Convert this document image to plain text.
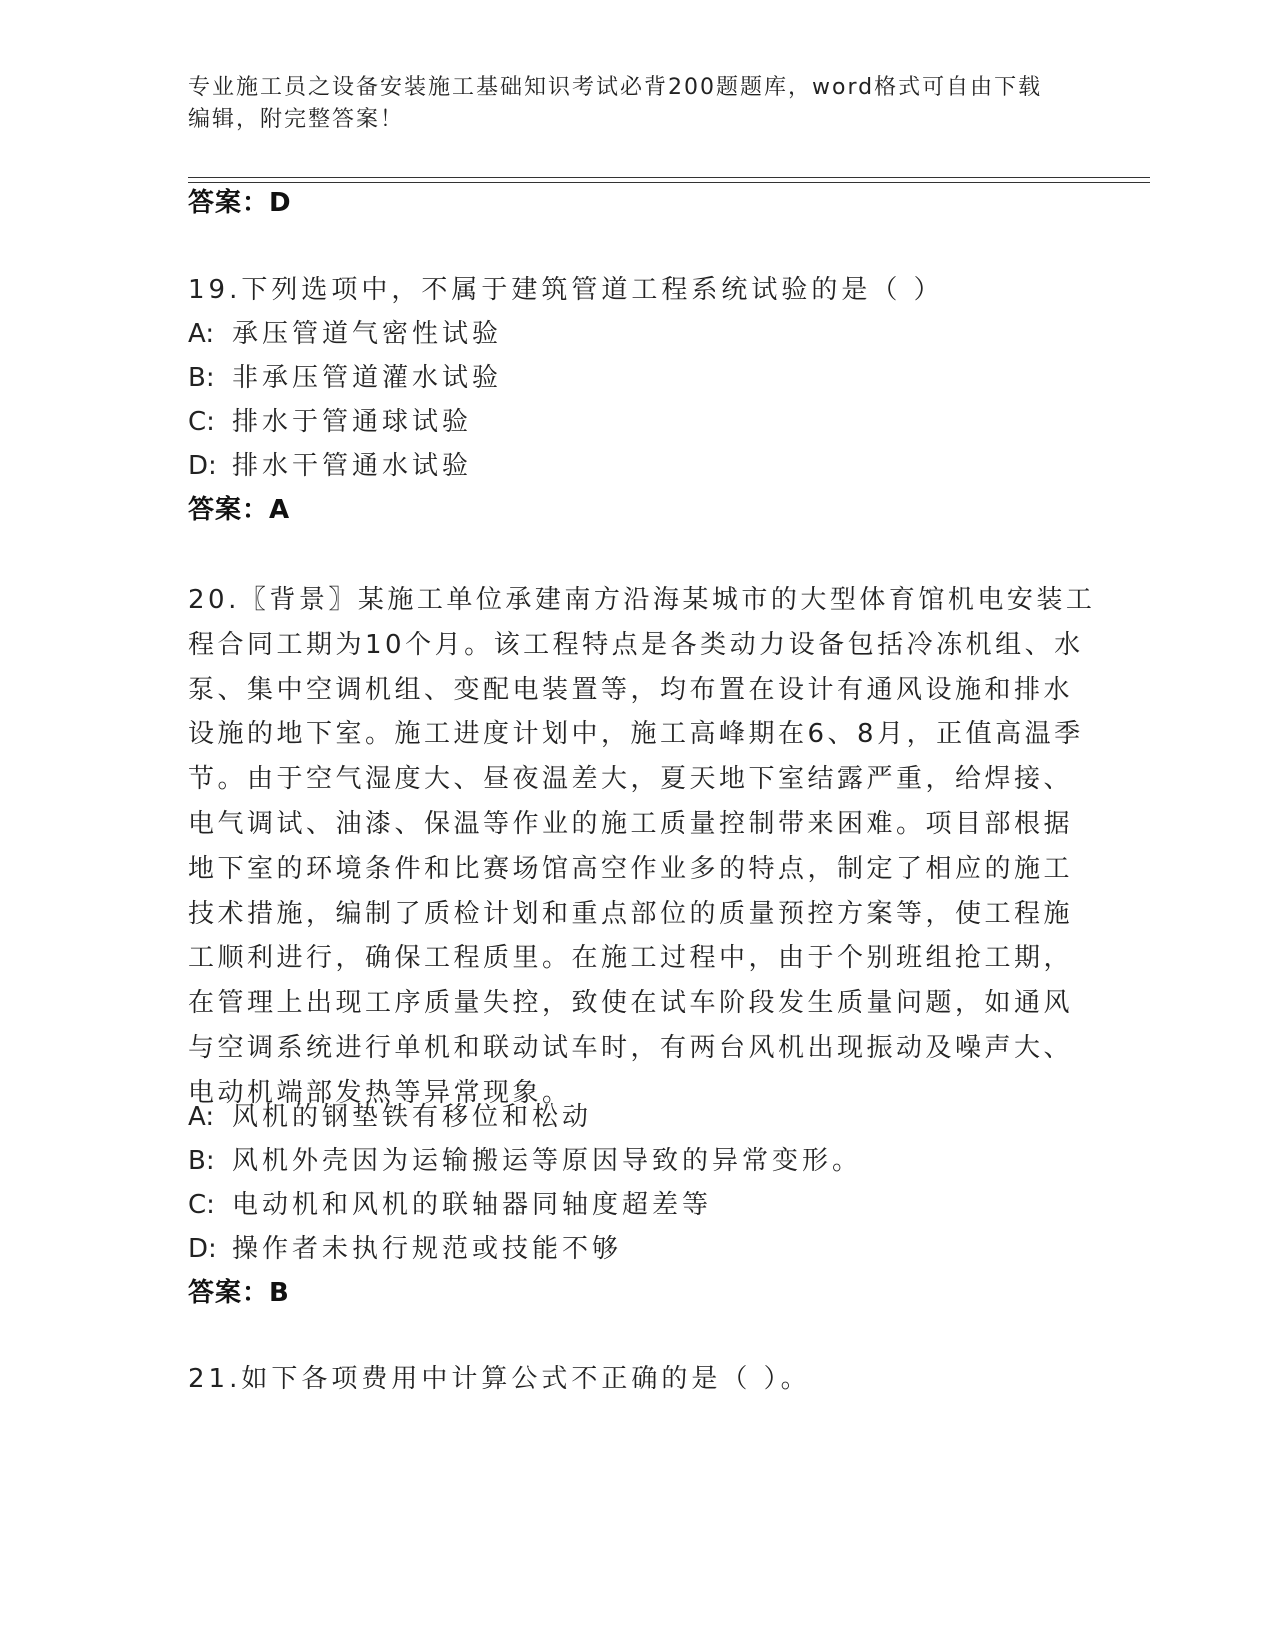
专业施工员之设备安装施工基础知识考试必背200题题库，word格式可自由下载
编辑，附完整答案！
答案：D
19.下列选项中，不属于建筑管道工程系统试验的是（ ）
A: 承压管道气密性试验
B: 非承压管道灌水试验
C: 排水于管通球试验
D: 排水干管通水试验
答案：A
20.〖背景〗某施工单位承建南方沿海某城市的大型体育馆机电安装工
程合同工期为10个月。该工程特点是各类动力设备包括冷冻机组、水
泵、集中空调机组、变配电装置等，均布置在设计有通风设施和排水
设施的地下室。施工进度计划中，施工高峰期在6、8月，正值高温季
节。由于空气湿度大、昼夜温差大，夏天地下室结露严重，给焊接、
电气调试、油漆、保温等作业的施工质量控制带来困难。项目部根据
地下室的环境条件和比赛场馆高空作业多的特点，制定了相应的施工
技术措施，编制了质检计划和重点部位的质量预控方案等，使工程施
工顺利进行，确保工程质里。在施工过程中，由于个别班组抢工期，
在管理上出现工序质量失控，致使在试车阶段发生质量问题，如通风
与空调系统进行单机和联动试车时，有两台风机出现振动及噪声大、
电动机端部发热等异常现象。
A: 风机的钢垫铁有移位和松动
B: 风机外壳因为运输搬运等原因导致的异常变形。
C: 电动机和风机的联轴器同轴度超差等
D: 操作者未执行规范或技能不够
答案：B
21.如下各项费用中计算公式不正确的是（ ）。
